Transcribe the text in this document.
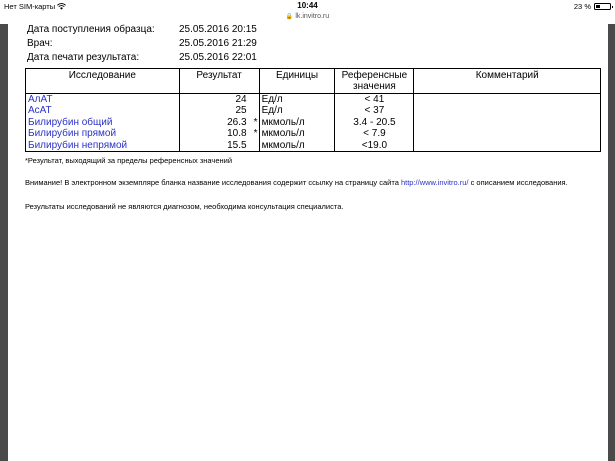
Нет SIM-карты	10:44	23 %
🔒 lk.invitro.ru
Дата поступления образца: 25.05.2016 20:15
Врач:	25.05.2016 21:29
Дата печати результата:	25.05.2016 22:01
Исследование	Результат	Единицы	Референсные значения	Комментарий
АлАТ	24	Ед/л	< 41	
АсАТ	25	Ед/л	< 37	
Билирубин общий	26.3 *	мкмоль/л	3.4 - 20.5	
Билирубин прямой	10.8 *	мкмоль/л	< 7.9	
Билирубин непрямой	15.5	мкмоль/л	<19.0	
*Результат, выходящий за пределы референсных значений
Внимание! В электронном экземпляре бланка название исследования содержит ссылку на страницу сайта http://www.invitro.ru/ с описанием исследования.
Результаты исследований не являются диагнозом, необходима консультация специалиста.
@MinimaApp
